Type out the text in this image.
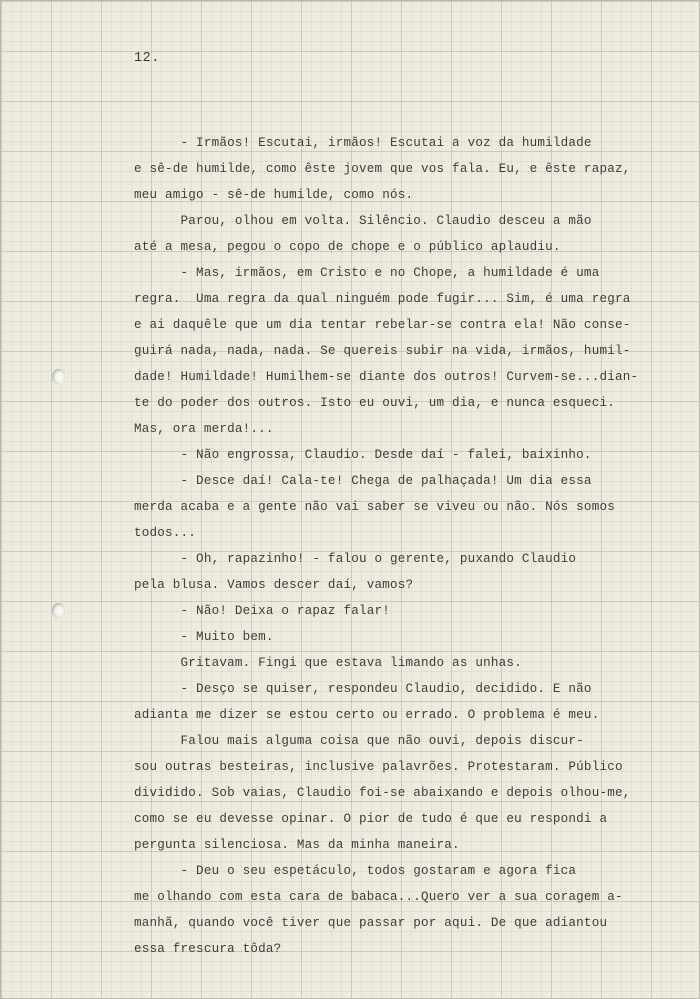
12.
- Irmãos! Escutai, irmãos! Escutai a voz da humildade
e sê-de humilde, como êste jovem que vos fala. Eu, e êste rapaz,
meu amigo - sê-de humilde, como nós.
Parou, olhou em volta. Silêncio. Claudio desceu a mão
até a mesa, pegou o copo de chope e o público aplaudiu.
- Mas, irmãos, em Cristo e no Chope, a humildade é uma
regra.  Uma regra da qual ninguém pode fugir... Sim, é uma regra
e ai daquêle que um dia tentar rebelar-se contra ela! Não conse-
guirá nada, nada, nada. Se quereis subir na vida, irmãos, humil-
dade! Humildade! Humilhem-se diante dos outros! Curvem-se...dian-
te do poder dos outros. Isto eu ouvi, um dia, e nunca esqueci.
Mas, ora merda!...
- Não engrossa, Claudio. Desde daí - falei, baixinho.
- Desce daí! Cala-te! Chega de palhaçada! Um dia essa
merda acaba e a gente não vai saber se viveu ou não. Nós somos
todos...
- Oh, rapazinho! - falou o gerente, puxando Claudio
pela blusa. Vamos descer daí, vamos?
- Não! Deixa o rapaz falar!
- Muito bem.
Gritavam. Fingi que estava limando as unhas.
- Desço se quiser, respondeu Claudio, decidido. E não
adianta me dizer se estou certo ou errado. O problema é meu.
Falou mais alguma coisa que não ouvi, depois discur-
sou outras besteiras, inclusive palavrões. Protestaram. Público
dividido. Sob vaias, Claudio foi-se abaixando e depois olhou-me,
como se eu devesse opinar. O pior de tudo é que eu respondi a
pergunta silenciosa. Mas da minha maneira.
- Deu o seu espetáculo, todos gostaram e agora fica
me olhando com esta cara de babaca...Quero ver a sua coragem a-
manhã, quando você tiver que passar por aqui. De que adiantou
essa frescura tôda?
